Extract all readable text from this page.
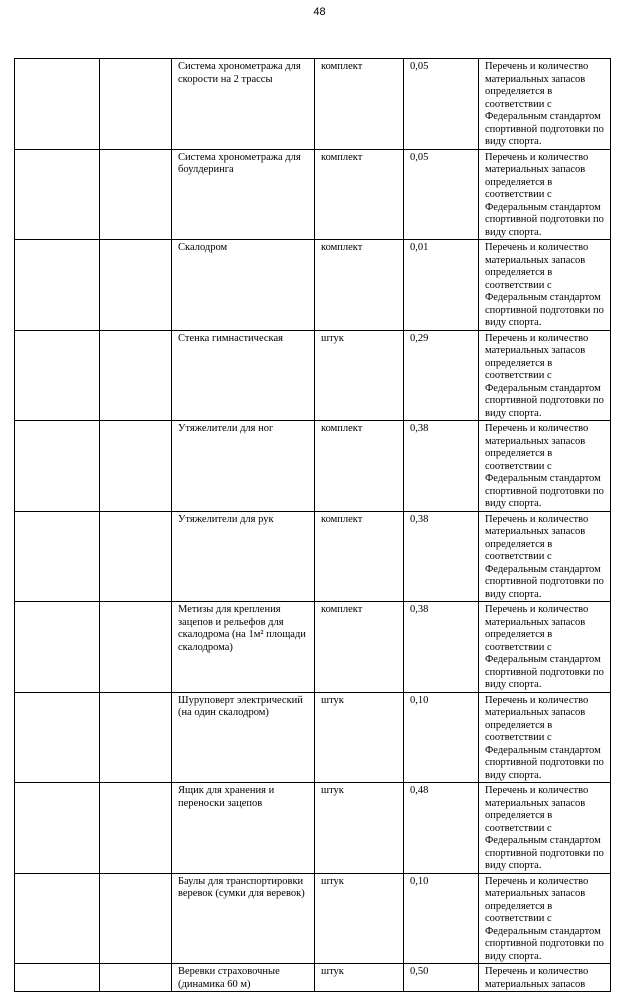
48
		Система хронометража для скорости на 2 трассы	комплект	0,05	Перечень и количество материальных запасов определяется в соответствии с Федеральным стандартом спортивной подготовки по виду спорта.
		Система хронометража для боулдеринга	комплект	0,05	Перечень и количество материальных запасов определяется в соответствии с Федеральным стандартом спортивной подготовки по виду спорта.
		Скалодром	комплект	0,01	Перечень и количество материальных запасов определяется в соответствии с Федеральным стандартом спортивной подготовки по виду спорта.
		Стенка гимнастическая	штук	0,29	Перечень и количество материальных запасов определяется в соответствии с Федеральным стандартом спортивной подготовки по виду спорта.
		Утяжелители для ног	комплект	0,38	Перечень и количество материальных запасов определяется в соответствии с Федеральным стандартом спортивной подготовки по виду спорта.
		Утяжелители для рук	комплект	0,38	Перечень и количество материальных запасов определяется в соответствии с Федеральным стандартом спортивной подготовки по виду спорта.
		Метизы для крепления зацепов и рельефов для скалодрома (на 1м² площади скалодрома)	комплект	0,38	Перечень и количество материальных запасов определяется в соответствии с Федеральным стандартом спортивной подготовки по виду спорта.
		Шуруповерт электрический (на один скалодром)	штук	0,10	Перечень и количество материальных запасов определяется в соответствии с Федеральным стандартом спортивной подготовки по виду спорта.
		Ящик для хранения и переноски зацепов	штук	0,48	Перечень и количество материальных запасов определяется в соответствии с Федеральным стандартом спортивной подготовки по виду спорта.
		Баулы для транспортировки веревок (сумки для веревок)	штук	0,10	Перечень и количество материальных запасов определяется в соответствии с Федеральным стандартом спортивной подготовки по виду спорта.
		Веревки страховочные (динамика 60 м)	штук	0,50	Перечень и количество материальных запасов
